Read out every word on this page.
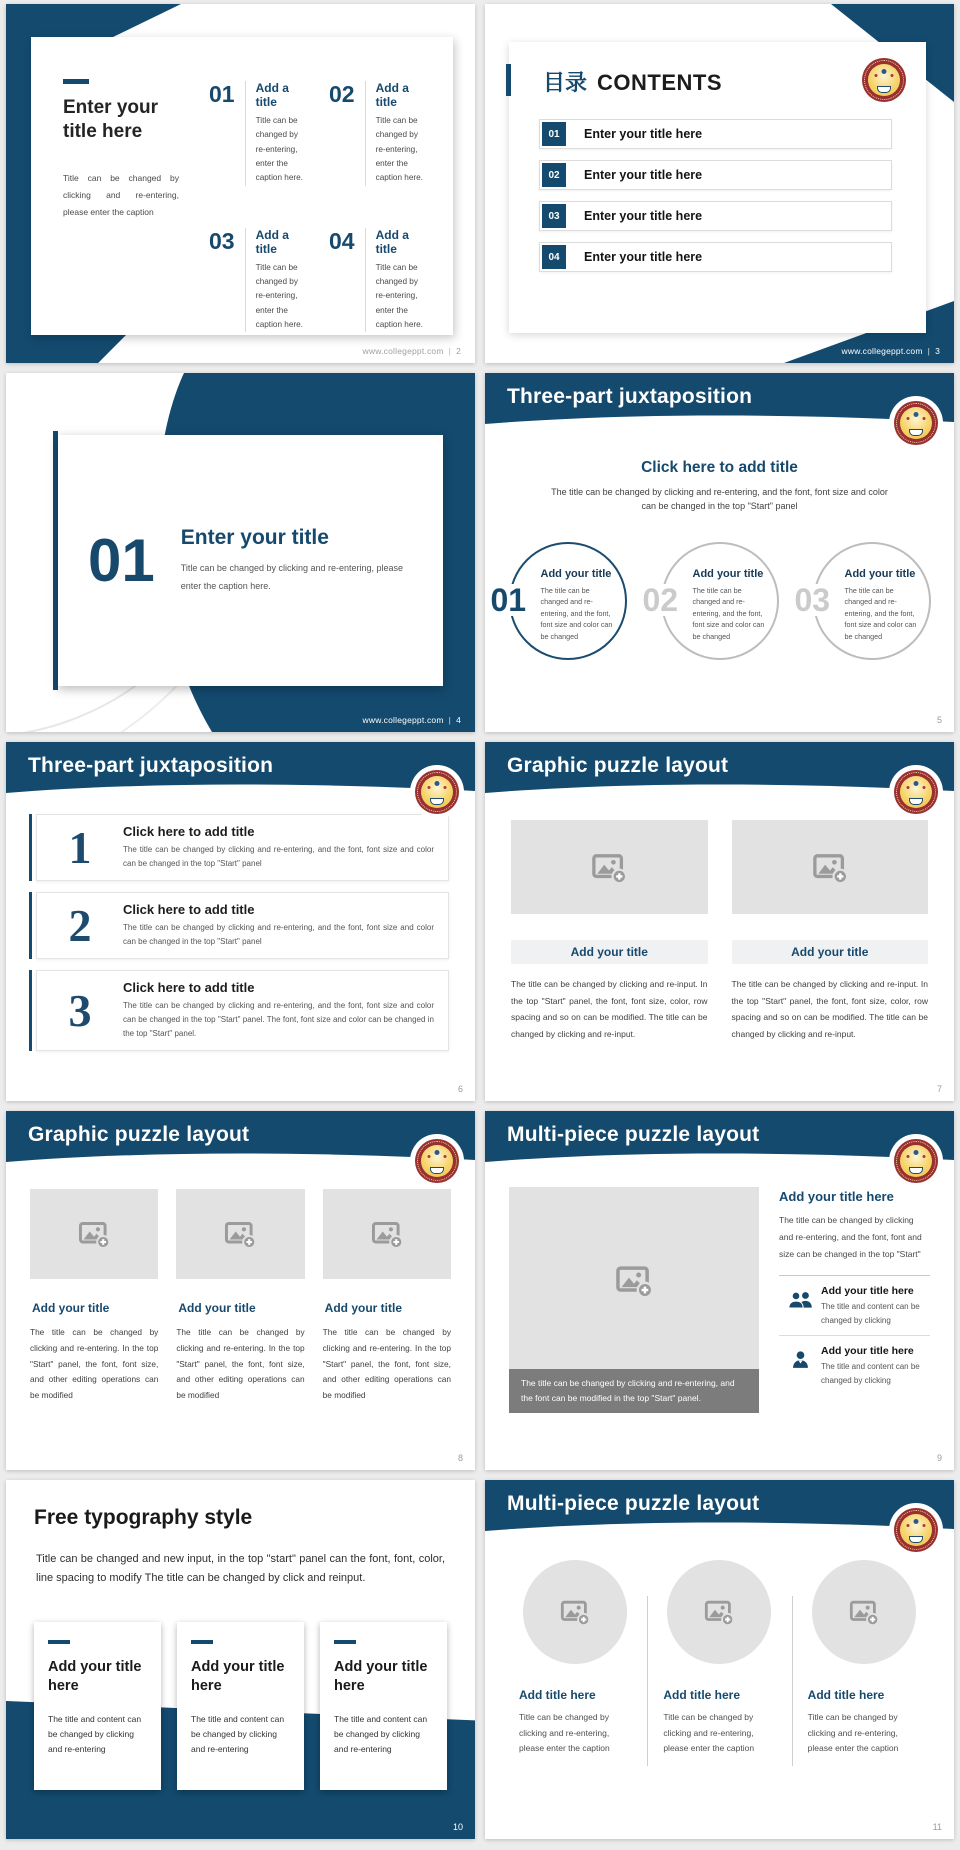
Enter your title here
Title can be changed by clicking and re-entering, please enter the caption
01	Add a title
Title can be changed by re-entering, enter the caption here.
02	Add a title
Title can be changed by re-entering, enter the caption here.
03	Add a title
Title can be changed by re-entering, enter the caption here.
04	Add a title
Title can be changed by re-entering, enter the caption here.
www.collegeppt.com | 2
目录 CONTENTS
01	Enter your title here
02	Enter your title here
03	Enter your title here
04	Enter your title here
www.collegeppt.com | 3
01 Enter your title
Title can be changed by clicking and re-entering, please enter the caption here.
www.collegeppt.com | 4
Three-part juxtaposition
Click here to add title
The title can be changed by clicking and re-entering, and the font, font size and color can be changed in the top "Start" panel
Add your title
The title can be changed and re-entering, and the font, font size and color can be changed
01
Add your title
The title can be changed and re-entering, and the font, font size and color can be changed
02
Add your title
The title can be changed and re-entering, and the font, font size and color can be changed
03
5
Three-part juxtaposition
1	Click here to add title
The title can be changed by clicking and re-entering, and the font, font size and color can be changed in the top "Start" panel
2	Click here to add title
The title can be changed by clicking and re-entering, and the font, font size and color can be changed in the top "Start" panel
3	Click here to add title
The title can be changed by clicking and re-entering, and the font, font size and color can be changed in the top "Start" panel. The font, font size and color can be changed in the top "Start" panel.
6
Graphic puzzle layout
Add your title
The title can be changed by clicking and re-input. In the top "Start" panel, the font, font size, color, row spacing and so on can be modified. The title can be changed by clicking and re-input.
Add your title
The title can be changed by clicking and re-input. In the top "Start" panel, the font, font size, color, row spacing and so on can be modified. The title can be changed by clicking and re-input.
7
Graphic puzzle layout
Add your title
The title can be changed by clicking and re-entering. In the top "Start" panel, the font, font size, and other editing operations can be modified
Add your title
The title can be changed by clicking and re-entering. In the top "Start" panel, the font, font size, and other editing operations can be modified
Add your title
The title can be changed by clicking and re-entering. In the top "Start" panel, the font, font size, and other editing operations can be modified
8
Multi-piece puzzle layout
The title can be changed by clicking and re-entering, and the font can be modified in the top "Start" panel.
Add your title here
The title can be changed by clicking and re-entering, and the font, font and size can be changed in the top "Start"
Add your title here
The title and content can be changed by clicking
Add your title here
The title and content can be changed by clicking
9
Free typography style
Title can be changed and new input, in the top "start" panel can the font, font, color, line spacing to modify The title can be changed by click and reinput.
Add your title here
The title and content can be changed by clicking and re-entering
Add your title here
The title and content can be changed by clicking and re-entering
Add your title here
The title and content can be changed by clicking and re-entering
10
Multi-piece puzzle layout
Add title here
Title can be changed by clicking and re-entering, please enter the caption
Add title here
Title can be changed by clicking and re-entering, please enter the caption
Add title here
Title can be changed by clicking and re-entering, please enter the caption
11
